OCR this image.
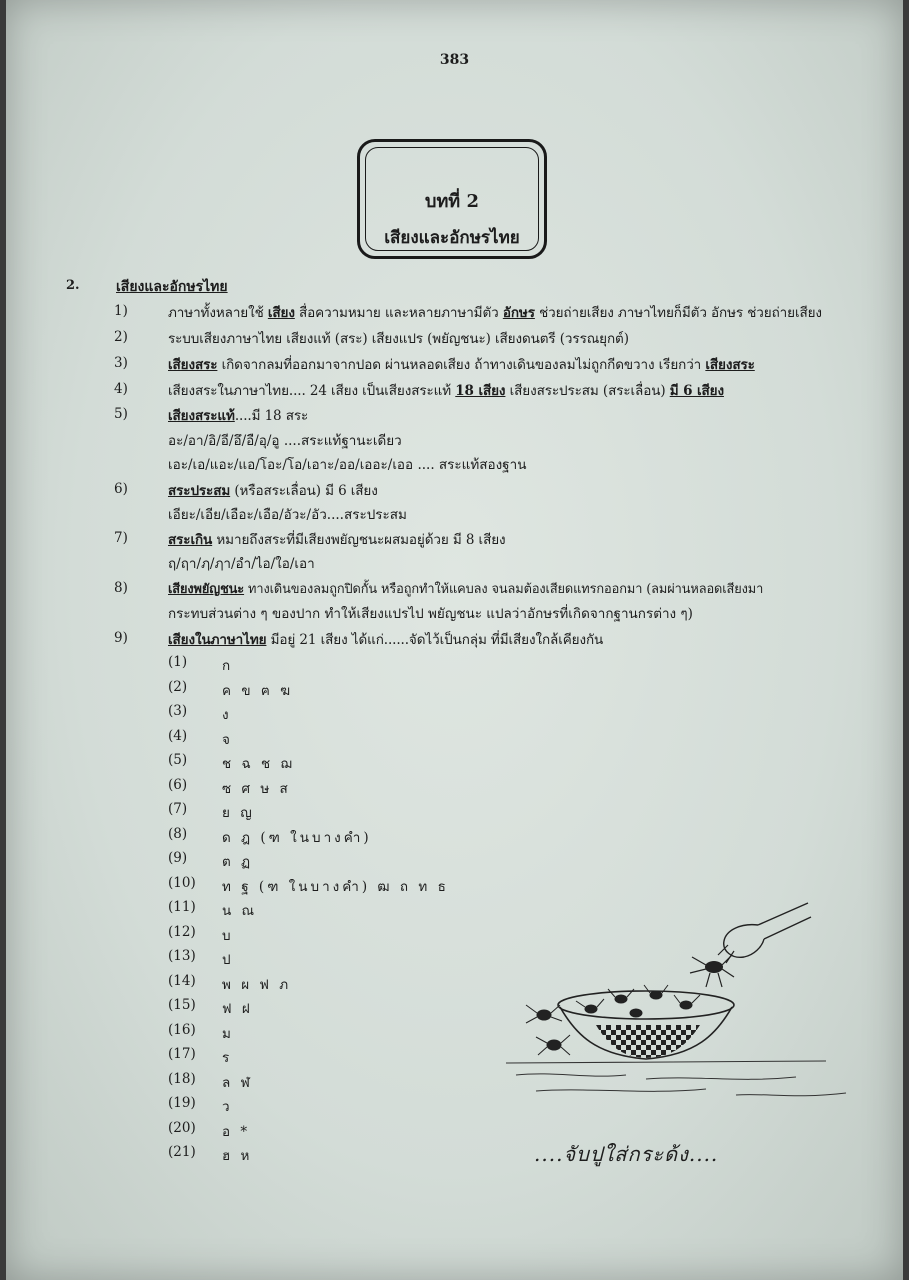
383
บทที่ 2
เสียงและอักษรไทย
2.	เสียงและอักษรไทย
1)	ภาษาทั้งหลายใช้ เสียง สื่อความหมาย และหลายภาษามีตัว อักษร ช่วยถ่ายเสียง ภาษาไทยก็มีตัว อักษร ช่วยถ่ายเสียง
2)	ระบบเสียงภาษาไทย เสียงแท้ (สระ) เสียงแปร (พยัญชนะ) เสียงดนตรี (วรรณยุกต์)
3)	เสียงสระ เกิดจากลมที่ออกมาจากปอด ผ่านหลอดเสียง ถ้าทางเดินของลมไม่ถูกกีดขวาง เรียกว่า เสียงสระ
4)	เสียงสระในภาษาไทย.... 24 เสียง เป็นเสียงสระแท้ 18 เสียง เสียงสระประสม (สระเลื่อน) มี 6 เสียง
5)	เสียงสระแท้....มี 18 สระ
อะ/อา/อิ/อี/อึ/อื/อุ/อู ....สระแท้ฐานะเดียว
เอะ/เอ/แอะ/แอ/โอะ/โอ/เอาะ/ออ/เออะ/เออ .... สระแท้สองฐาน
6)	สระประสม (หรือสระเลื่อน) มี 6 เสียง
เอียะ/เอีย/เอือะ/เอือ/อัวะ/อัว....สระประสม
7)	สระเกิน หมายถึงสระที่มีเสียงพยัญชนะผสมอยู่ด้วย มี 8 เสียง
ฤ/ฤา/ฦ/ฦา/อำ/ไอ/ใอ/เอา
8)	เสียงพยัญชนะ ทางเดินของลมถูกปิดกั้น หรือถูกทำให้แคบลง จนลมต้องเสียดแทรกออกมา (ลมผ่านหลอดเสียงมา
กระทบส่วนต่าง ๆ ของปาก ทำให้เสียงแปรไป พยัญชนะ แปลว่าอักษรที่เกิดจากฐานกรต่าง ๆ)
9)	เสียงในภาษาไทย มีอยู่ 21 เสียง ได้แก่......จัดไว้เป็นกลุ่ม ที่มีเสียงใกล้เคียงกัน
(1)	ก
(2)	ค ข ฅ ฆ
(3)	ง
(4)	จ
(5)	ช ฉ ช ฌ
(6)	ซ ศ ษ ส
(7)	ย ญ
(8)	ด ฎ (ฑ ในบางคำ)
(9)	ต ฏ
(10) ท ฐ (ฑ ในบางคำ) ฒ ถ ท ธ
(11) น ณ
(12) บ
(13) ป
(14) พ ผ ฟ ภ
(15) ฟ ฝ
(16) ม
(17) ร
(18) ล ฬ
(19) ว
(20) อ *
(21) ฮ ห	....จับปูใส่กระด้ง....
